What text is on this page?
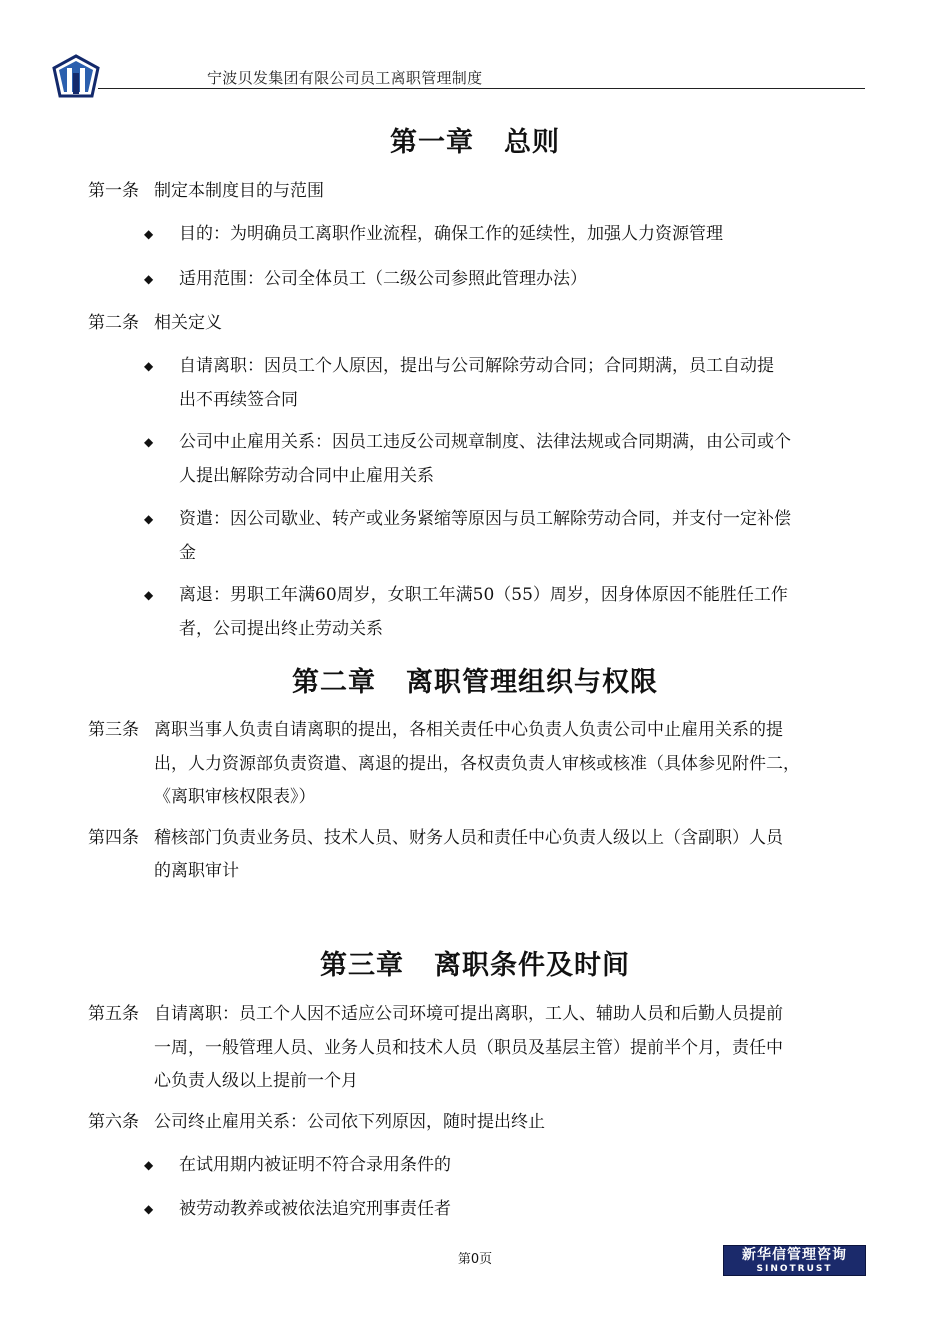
宁波贝发集团有限公司员工离职管理制度
第一章 总则
第一条 制定本制度目的与范围
◆ 目的：为明确员工离职作业流程，确保工作的延续性，加强人力资源管理
◆ 适用范围：公司全体员工（二级公司参照此管理办法）
第二条 相关定义
◆ 自请离职：因员工个人原因，提出与公司解除劳动合同；合同期满，员工自动提
出不再续签合同
◆ 公司中止雇用关系：因员工违反公司规章制度、法律法规或合同期满，由公司或个
人提出解除劳动合同中止雇用关系
◆ 资遣：因公司歇业、转产或业务紧缩等原因与员工解除劳动合同，并支付一定补偿
金
◆ 离退：男职工年满60周岁，女职工年满50（55）周岁，因身体原因不能胜任工作
者，公司提出终止劳动关系
第二章 离职管理组织与权限
第三条 离职当事人负责自请离职的提出，各相关责任中心负责人负责公司中止雇用关系的提
出，人力资源部负责资遣、离退的提出，各权责负责人审核或核准（具体参见附件二，
《离职审核权限表》）
第四条 稽核部门负责业务员、技术人员、财务人员和责任中心负责人级以上（含副职）人员
的离职审计
第三章 离职条件及时间
第五条 自请离职：员工个人因不适应公司环境可提出离职，工人、辅助人员和后勤人员提前
一周，一般管理人员、业务人员和技术人员（职员及基层主管）提前半个月，责任中
心负责人级以上提前一个月
第六条 公司终止雇用关系：公司依下列原因，随时提出终止
◆ 在试用期内被证明不符合录用条件的
◆ 被劳动教养或被依法追究刑事责任者
第0页	新华信管理咨询
SINOTRUST
